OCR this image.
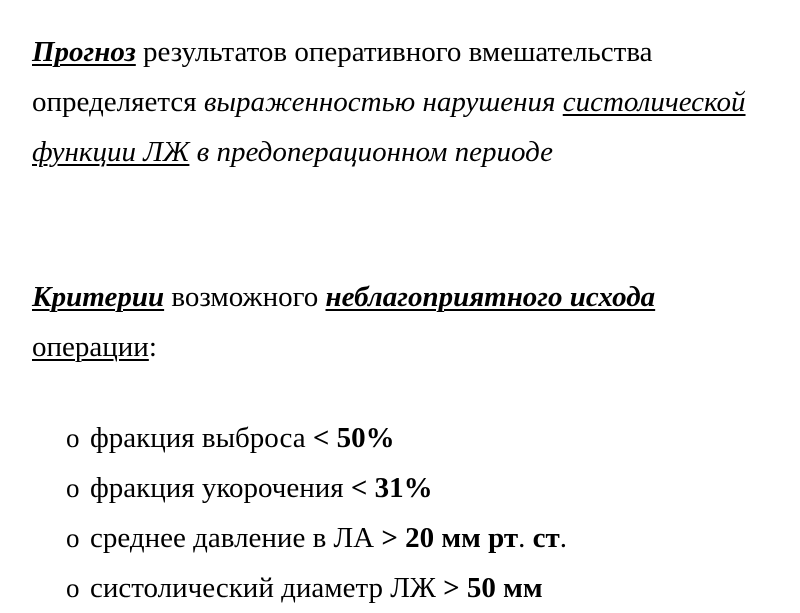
Прогноз результатов оперативного вмешательства определяется выраженностью нарушения систолической функции ЛЖ в предоперационном периоде

Критерии возможного неблагоприятного исхода операции:

o фракция выброса < 50%
o фракция укорочения < 31%
o среднее давление в ЛА > 20 мм рт. ст.
o систолический диаметр ЛЖ > 50 мм
